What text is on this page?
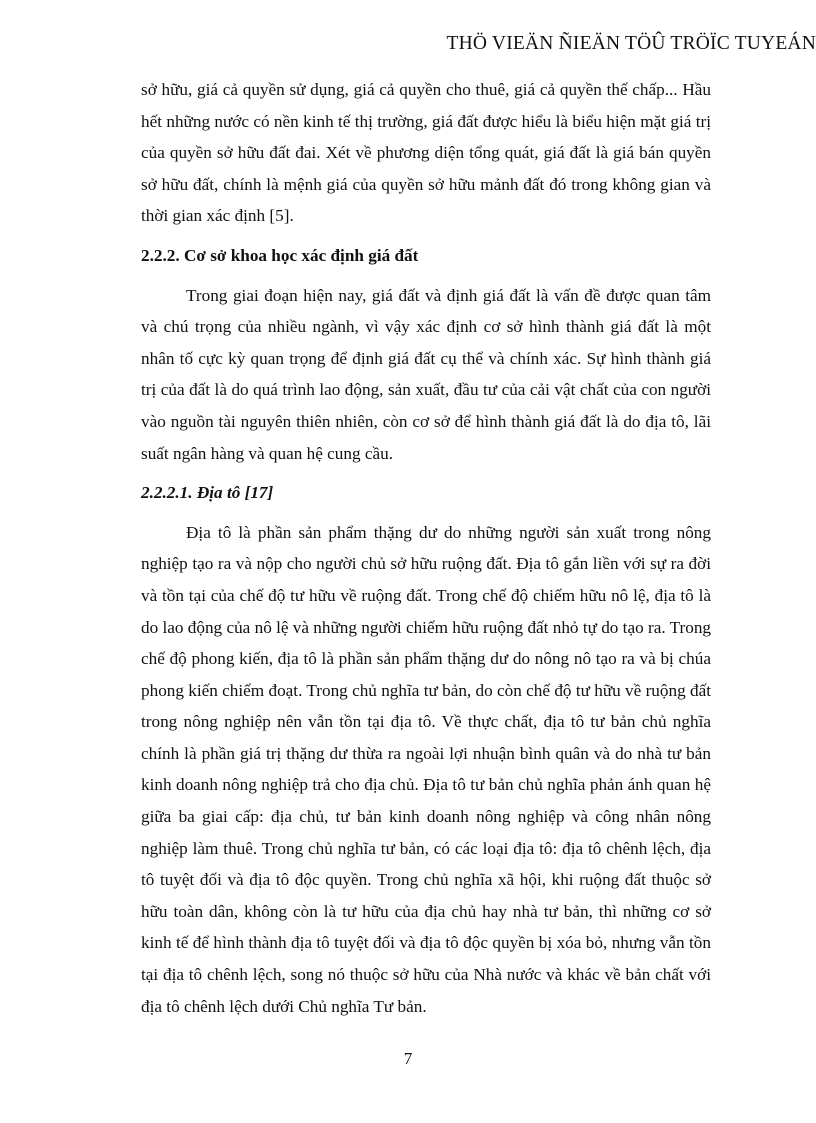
THÖ VIEÄN ÑIEÄN TÖÛ TRÖÏC TUYEÁN

sở hữu, giá cả quyền sử dụng, giá cả quyền cho thuê, giá cả quyền thế chấp... Hầu hết những nước có nền kinh tế thị trường, giá đất được hiểu là biểu hiện mặt giá trị của quyền sở hữu đất đai. Xét về phương diện tổng quát, giá đất là giá bán quyền sở hữu đất, chính là mệnh giá của quyền sở hữu mảnh đất đó trong không gian và thời gian xác định [5].

2.2.2. Cơ sở khoa học xác định giá đất

Trong giai đoạn hiện nay, giá đất và định giá đất là vấn đề được quan tâm và chú trọng của nhiều ngành, vì vậy xác định cơ sở hình thành giá đất là một nhân tố cực kỳ quan trọng để định giá đất cụ thể và chính xác. Sự hình thành giá trị của đất là do quá trình lao động, sản xuất, đầu tư của cải vật chất của con người vào nguồn tài nguyên thiên nhiên, còn cơ sở để hình thành giá đất là do địa tô, lãi suất ngân hàng và quan hệ cung cầu.

2.2.2.1. Địa tô [17]

Địa tô là phần sản phẩm thặng dư do những người sản xuất trong nông nghiệp tạo ra và nộp cho người chủ sở hữu ruộng đất. Địa tô gắn liền với sự ra đời và tồn tại của chế độ tư hữu về ruộng đất. Trong chế độ chiếm hữu nô lệ, địa tô là do lao động của nô lệ và những người chiếm hữu ruộng đất nhỏ tự do tạo ra. Trong chế độ phong kiến, địa tô là phần sản phẩm thặng dư do nông nô tạo ra và bị chúa phong kiến chiếm đoạt. Trong chủ nghĩa tư bản, do còn chế độ tư hữu về ruộng đất trong nông nghiệp nên vẫn tồn tại địa tô. Về thực chất, địa tô tư bản chủ nghĩa chính là phần giá trị thặng dư thừa ra ngoài lợi nhuận bình quân và do nhà tư bản kinh doanh nông nghiệp trả cho địa chủ. Địa tô tư bản chủ nghĩa phản ánh quan hệ giữa ba giai cấp: địa chủ, tư bản kinh doanh nông nghiệp và công nhân nông nghiệp làm thuê. Trong chủ nghĩa tư bản, có các loại địa tô: địa tô chênh lệch, địa tô tuyệt đối và địa tô độc quyền. Trong chủ nghĩa xã hội, khi ruộng đất thuộc sở hữu toàn dân, không còn là tư hữu của địa chủ hay nhà tư bản, thì những cơ sở kinh tế để hình thành địa tô tuyệt đối và địa tô độc quyền bị xóa bỏ, nhưng vẫn tồn tại địa tô chênh lệch, song nó thuộc sở hữu của Nhà nước và khác về bản chất với địa tô chênh lệch dưới Chủ nghĩa Tư bản.

7
